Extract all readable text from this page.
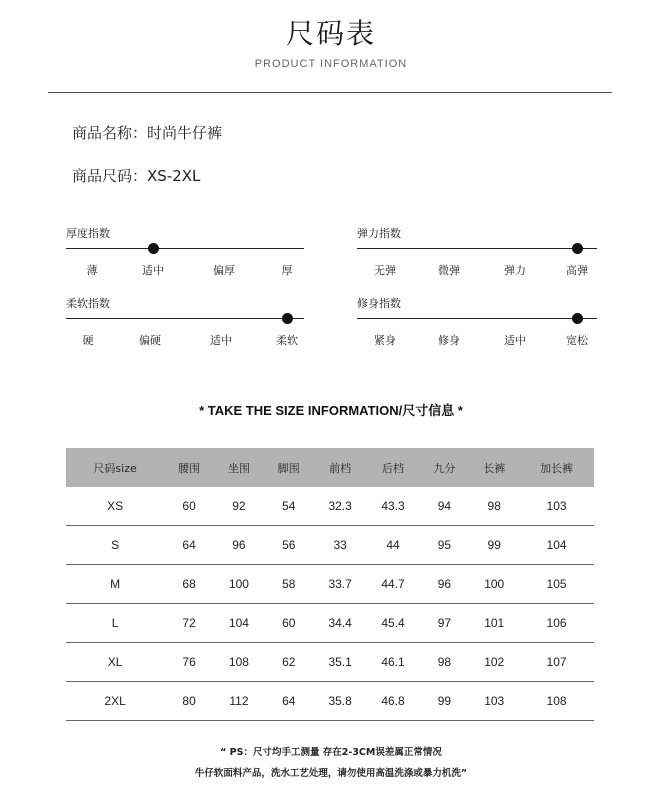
尺码表
PRODUCT INFORMATION
商品名称：时尚牛仔裤
商品尺码：XS-2XL
厚度指数
薄	适中	偏厚	厚
弹力指数
无弹	微弹	弹力	高弹
柔软指数
硬	偏硬	适中	柔软
修身指数
紧身	修身	适中	宽松
* TAKE THE SIZE INFORMATION/尺寸信息 *
尺码size	腰围	坐围	脚围	前档	后档	九分	长裤	加长裤
XS	60	92	54	32.3	43.3	94	98	103
S	64	96	56	33	44	95	99	104
M	68	100	58	33.7	44.7	96	100	105
L	72	104	60	34.4	45.4	97	101	106
XL	76	108	62	35.1	46.1	98	102	107
2XL	80	112	64	35.8	46.8	99	103	108
“ PS：尺寸均手工测量 存在2-3CM误差属正常情况
牛仔软面料产品，洗水工艺处理，请勿使用高温洗涤或暴力机洗”
